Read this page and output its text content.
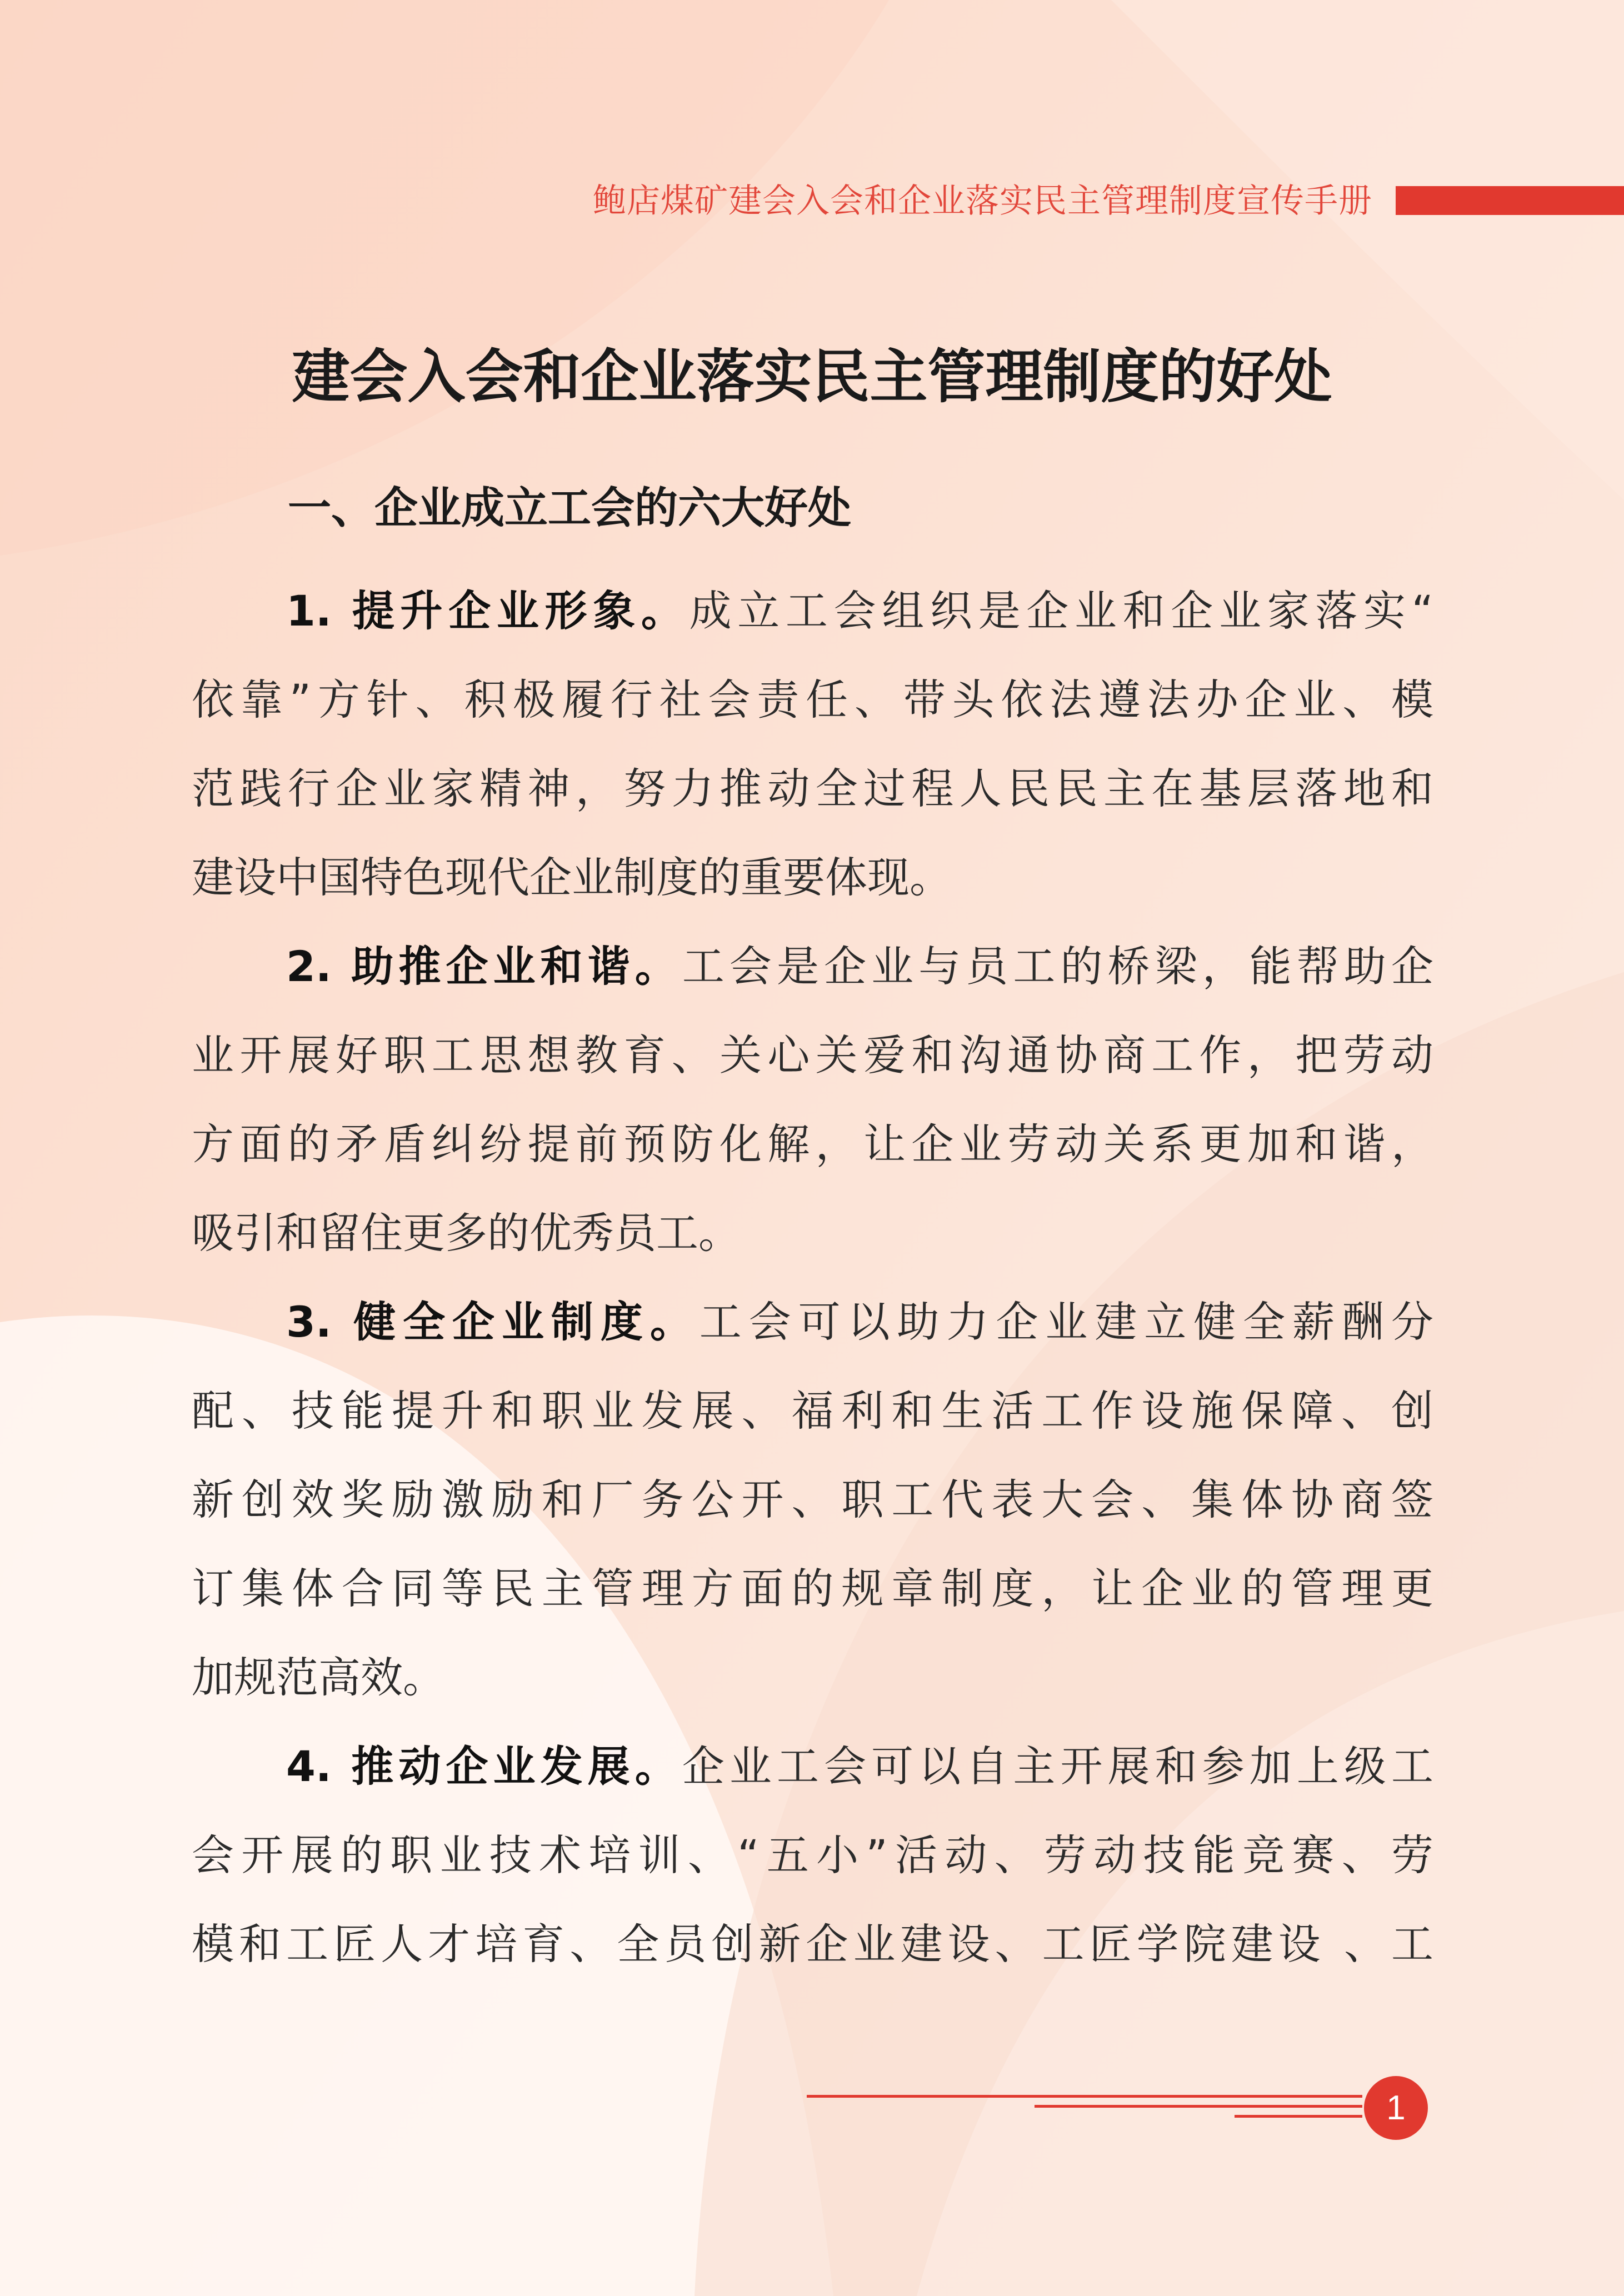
鲍店煤矿建会入会和企业落实民主管理制度宣传手册
建会入会和企业落实民主管理制度的好处
一、企业成立工会的六大好处
1. 提升企业形象。成立工会组织是企业和企业家落实“
依靠”方针、积极履行社会责任、带头依法遵法办企业、模
范践行企业家精神，努力推动全过程人民民主在基层落地和
建设中国特色现代企业制度的重要体现。
2. 助推企业和谐。工会是企业与员工的桥梁，能帮助企
业开展好职工思想教育、关心关爱和沟通协商工作，把劳动
方面的矛盾纠纷提前预防化解，让企业劳动关系更加和谐，
吸引和留住更多的优秀员工。
3. 健全企业制度。工会可以助力企业建立健全薪酬分
配、技能提升和职业发展、福利和生活工作设施保障、创
新创效奖励激励和厂务公开、职工代表大会、集体协商签
订集体合同等民主管理方面的规章制度，让企业的管理更
加规范高效。
4. 推动企业发展。企业工会可以自主开展和参加上级工
会开展的职业技术培训、“五小”活动、劳动技能竞赛、劳
模和工匠人才培育、全员创新企业建设、工匠学院建设 、工
1
